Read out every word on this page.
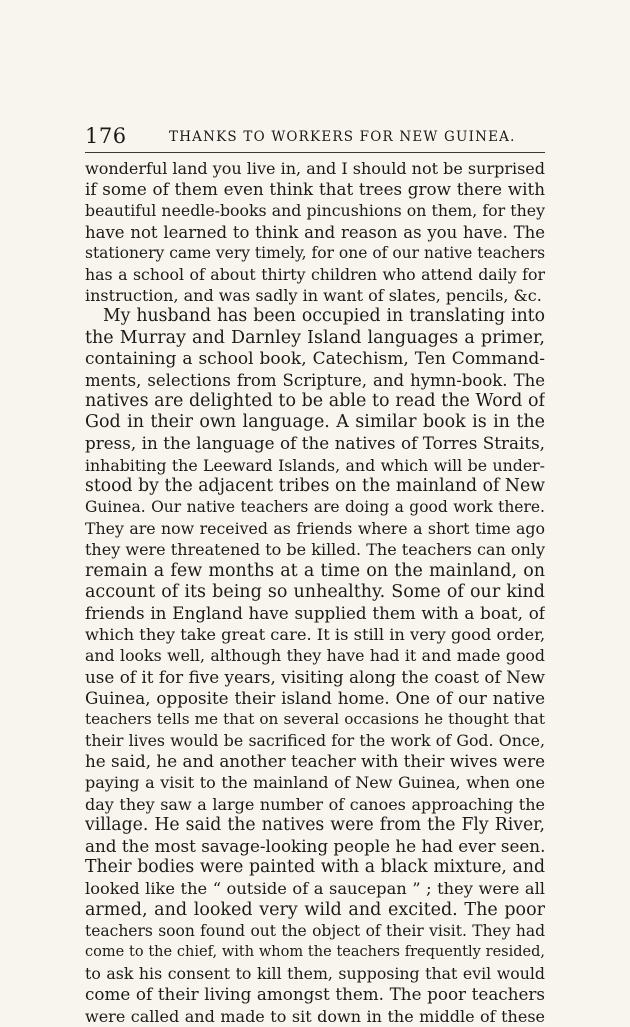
176	THANKS TO WORKERS FOR NEW GUINEA.
wonderful land you live in, and I should not be surprised
if some of them even think that trees grow there with
beautiful needle-books and pincushions on them, for they
have not learned to think and reason as you have. The
stationery came very timely, for one of our native teachers
has a school of about thirty children who attend daily for
instruction, and was sadly in want of slates, pencils, &c.
My husband has been occupied in translating into
the Murray and Darnley Island languages a primer,
containing a school book, Catechism, Ten Command-
ments, selections from Scripture, and hymn-book. The
natives are delighted to be able to read the Word of
God in their own language. A similar book is in the
press, in the language of the natives of Torres Straits,
inhabiting the Leeward Islands, and which will be under-
stood by the adjacent tribes on the mainland of New
Guinea. Our native teachers are doing a good work there.
They are now received as friends where a short time ago
they were threatened to be killed. The teachers can only
remain a few months at a time on the mainland, on
account of its being so unhealthy. Some of our kind
friends in England have supplied them with a boat, of
which they take great care. It is still in very good order,
and looks well, although they have had it and made good
use of it for five years, visiting along the coast of New
Guinea, opposite their island home. One of our native
teachers tells me that on several occasions he thought that
their lives would be sacrificed for the work of God. Once,
he said, he and another teacher with their wives were
paying a visit to the mainland of New Guinea, when one
day they saw a large number of canoes approaching the
village. He said the natives were from the Fly River,
and the most savage-looking people he had ever seen.
Their bodies were painted with a black mixture, and
looked like the “ outside of a saucepan ” ; they were all
armed, and looked very wild and excited. The poor
teachers soon found out the object of their visit. They had
come to the chief, with whom the teachers frequently resided,
to ask his consent to kill them, supposing that evil would
come of their living amongst them. The poor teachers
were called and made to sit down in the middle of these
